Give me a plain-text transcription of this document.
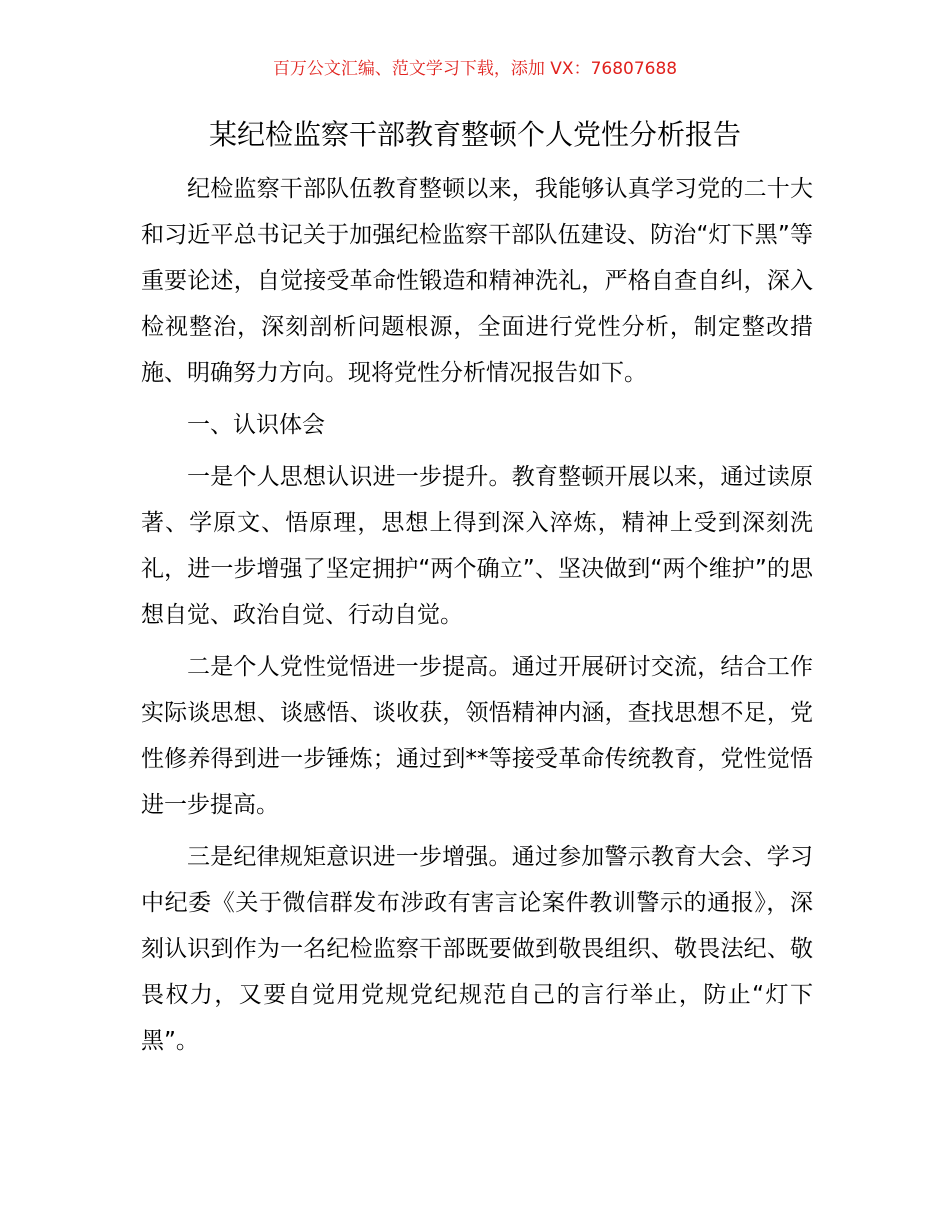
百万公文汇编、范文学习下载，添加 VX：76807688
某纪检监察干部教育整顿个人党性分析报告

纪检监察干部队伍教育整顿以来，我能够认真学习党的二十大和习近平总书记关于加强纪检监察干部队伍建设、防治“灯下黑”等重要论述，自觉接受革命性锻造和精神洗礼，严格自查自纠，深入检视整治，深刻剖析问题根源，全面进行党性分析，制定整改措施、明确努力方向。现将党性分析情况报告如下。

一、认识体会

一是个人思想认识进一步提升。教育整顿开展以来，通过读原著、学原文、悟原理，思想上得到深入淬炼，精神上受到深刻洗礼，进一步增强了坚定拥护“两个确立”、坚决做到“两个维护”的思想自觉、政治自觉、行动自觉。

二是个人党性觉悟进一步提高。通过开展研讨交流，结合工作实际谈思想、谈感悟、谈收获，领悟精神内涵，查找思想不足，党性修养得到进一步锤炼；通过到**等接受革命传统教育，党性觉悟进一步提高。

三是纪律规矩意识进一步增强。通过参加警示教育大会、学习中纪委《关于微信群发布涉政有害言论案件教训警示的通报》，深刻认识到作为一名纪检监察干部既要做到敬畏组织、敬畏法纪、敬畏权力，又要自觉用党规党纪规范自己的言行举止，防止“灯下黑”。
